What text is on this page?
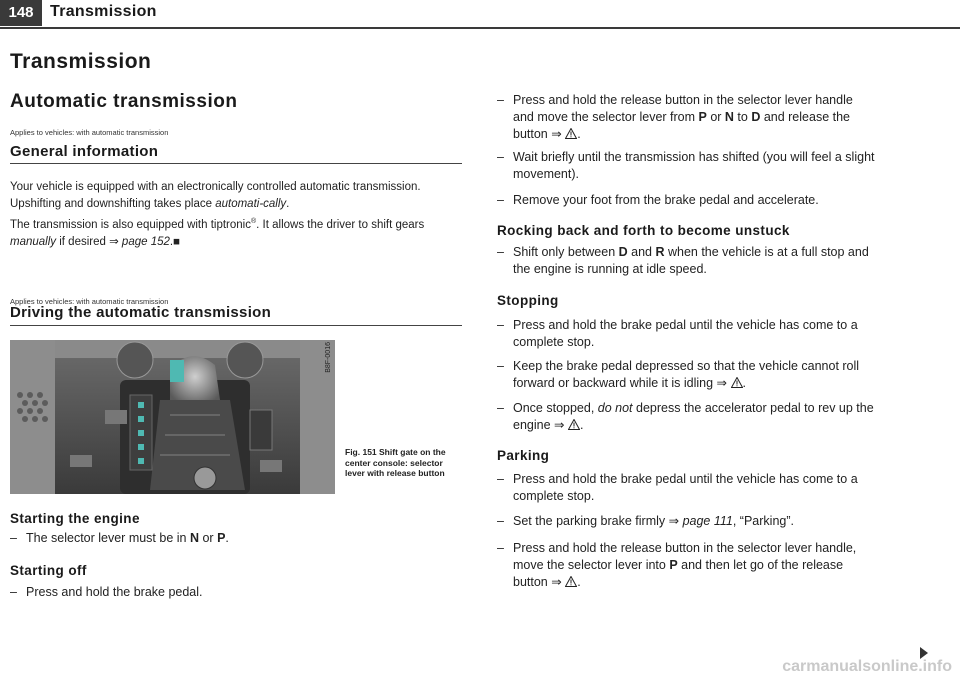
148	Transmission
Transmission
Automatic transmission
Applies to vehicles: with automatic transmission
General information
Your vehicle is equipped with an electronically controlled automatic transmission. Upshifting and downshifting takes place automati-cally.
The transmission is also equipped with tiptronic®. It allows the driver to shift gears manually if desired ⇒ page 152.■
Applies to vehicles: with automatic transmission
Driving the automatic transmission
B8F-0016
Fig. 151 Shift gate on the center console: selector lever with release button
Starting the engine
– The selector lever must be in N or P.
Starting off
– Press and hold the brake pedal.
– Press and hold the release button in the selector lever handle and move the selector lever from P or N to D and release the button ⇒ .
– Wait briefly until the transmission has shifted (you will feel a slight movement).
– Remove your foot from the brake pedal and accelerate.
Rocking back and forth to become unstuck
– Shift only between D and R when the vehicle is at a full stop and the engine is running at idle speed.
Stopping
– Press and hold the brake pedal until the vehicle has come to a complete stop.
– Keep the brake pedal depressed so that the vehicle cannot roll forward or backward while it is idling ⇒ .
– Once stopped, do not depress the accelerator pedal to rev up the engine ⇒ .
Parking
– Press and hold the brake pedal until the vehicle has come to a complete stop.
– Set the parking brake firmly ⇒ page 111, “Parking”.
– Press and hold the release button in the selector lever handle, move the selector lever into P and then let go of the release button ⇒ .
carmanualsonline.info
